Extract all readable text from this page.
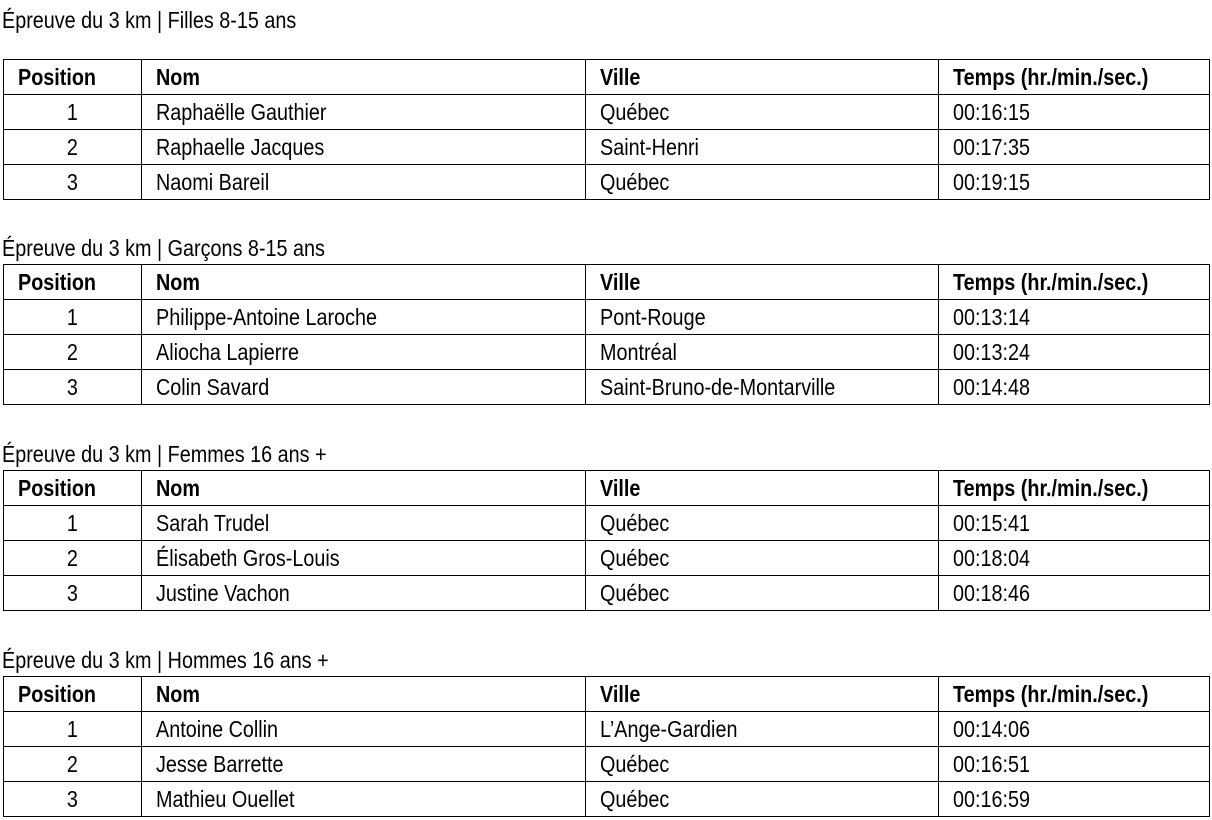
Épreuve du 3 km | Filles 8-15 ans
Position	Nom	Ville	Temps (hr./min./sec.)
1	Raphaëlle Gauthier	Québec	00:16:15
2	Raphaelle Jacques	Saint-Henri	00:17:35
3	Naomi Bareil	Québec	00:19:15
Épreuve du 3 km | Garçons 8-15 ans
Position	Nom	Ville	Temps (hr./min./sec.)
1	Philippe-Antoine Laroche	Pont-Rouge	00:13:14
2	Aliocha Lapierre	Montréal	00:13:24
3	Colin Savard	Saint-Bruno-de-Montarville	00:14:48
Épreuve du 3 km | Femmes 16 ans +
Position	Nom	Ville	Temps (hr./min./sec.)
1	Sarah Trudel	Québec	00:15:41
2	Élisabeth Gros-Louis	Québec	00:18:04
3	Justine Vachon	Québec	00:18:46
Épreuve du 3 km | Hommes 16 ans +
Position	Nom	Ville	Temps (hr./min./sec.)
1	Antoine Collin	L’Ange-Gardien	00:14:06
2	Jesse Barrette	Québec	00:16:51
3	Mathieu Ouellet	Québec	00:16:59
